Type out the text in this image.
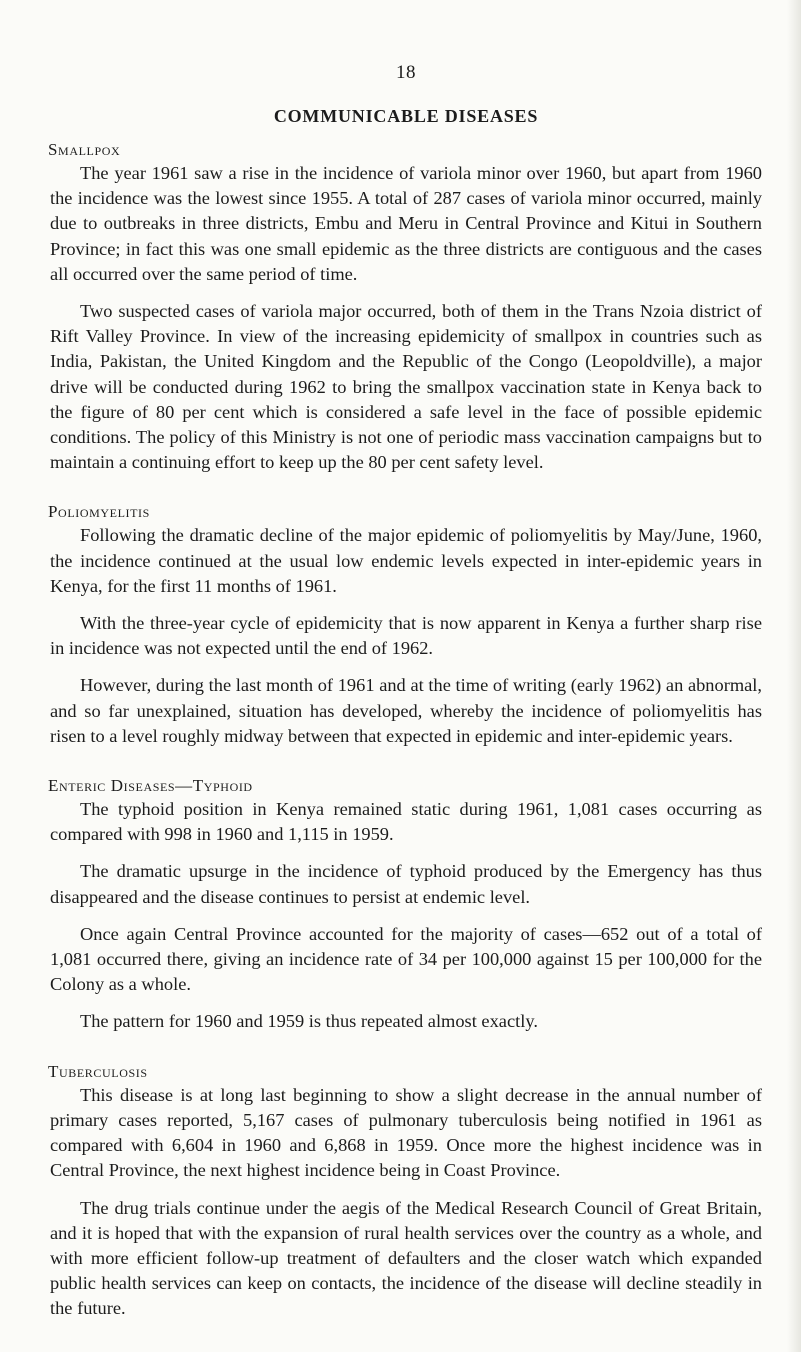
18
COMMUNICABLE DISEASES
Smallpox

The year 1961 saw a rise in the incidence of variola minor over 1960, but apart from 1960 the incidence was the lowest since 1955. A total of 287 cases of variola minor occurred, mainly due to outbreaks in three districts, Embu and Meru in Central Province and Kitui in Southern Province; in fact this was one small epidemic as the three districts are contiguous and the cases all occurred over the same period of time.

Two suspected cases of variola major occurred, both of them in the Trans Nzoia district of Rift Valley Province. In view of the increasing epidemicity of smallpox in countries such as India, Pakistan, the United Kingdom and the Republic of the Congo (Leopoldville), a major drive will be conducted during 1962 to bring the smallpox vaccination state in Kenya back to the figure of 80 per cent which is considered a safe level in the face of possible epidemic conditions. The policy of this Ministry is not one of periodic mass vaccination campaigns but to maintain a continuing effort to keep up the 80 per cent safety level.

Poliomyelitis

Following the dramatic decline of the major epidemic of poliomyelitis by May/June, 1960, the incidence continued at the usual low endemic levels expected in inter-epidemic years in Kenya, for the first 11 months of 1961.

With the three-year cycle of epidemicity that is now apparent in Kenya a further sharp rise in incidence was not expected until the end of 1962.

However, during the last month of 1961 and at the time of writing (early 1962) an abnormal, and so far unexplained, situation has developed, whereby the incidence of poliomyelitis has risen to a level roughly midway between that expected in epidemic and inter-epidemic years.

Enteric Diseases—Typhoid

The typhoid position in Kenya remained static during 1961, 1,081 cases occurring as compared with 998 in 1960 and 1,115 in 1959.

The dramatic upsurge in the incidence of typhoid produced by the Emergency has thus disappeared and the disease continues to persist at endemic level.

Once again Central Province accounted for the majority of cases—652 out of a total of 1,081 occurred there, giving an incidence rate of 34 per 100,000 against 15 per 100,000 for the Colony as a whole.

The pattern for 1960 and 1959 is thus repeated almost exactly.

Tuberculosis

This disease is at long last beginning to show a slight decrease in the annual number of primary cases reported, 5,167 cases of pulmonary tuberculosis being notified in 1961 as compared with 6,604 in 1960 and 6,868 in 1959. Once more the highest incidence was in Central Province, the next highest incidence being in Coast Province.

The drug trials continue under the aegis of the Medical Research Council of Great Britain, and it is hoped that with the expansion of rural health services over the country as a whole, and with more efficient follow-up treatment of defaulters and the closer watch which expanded public health services can keep on contacts, the incidence of the disease will decline steadily in the future.
